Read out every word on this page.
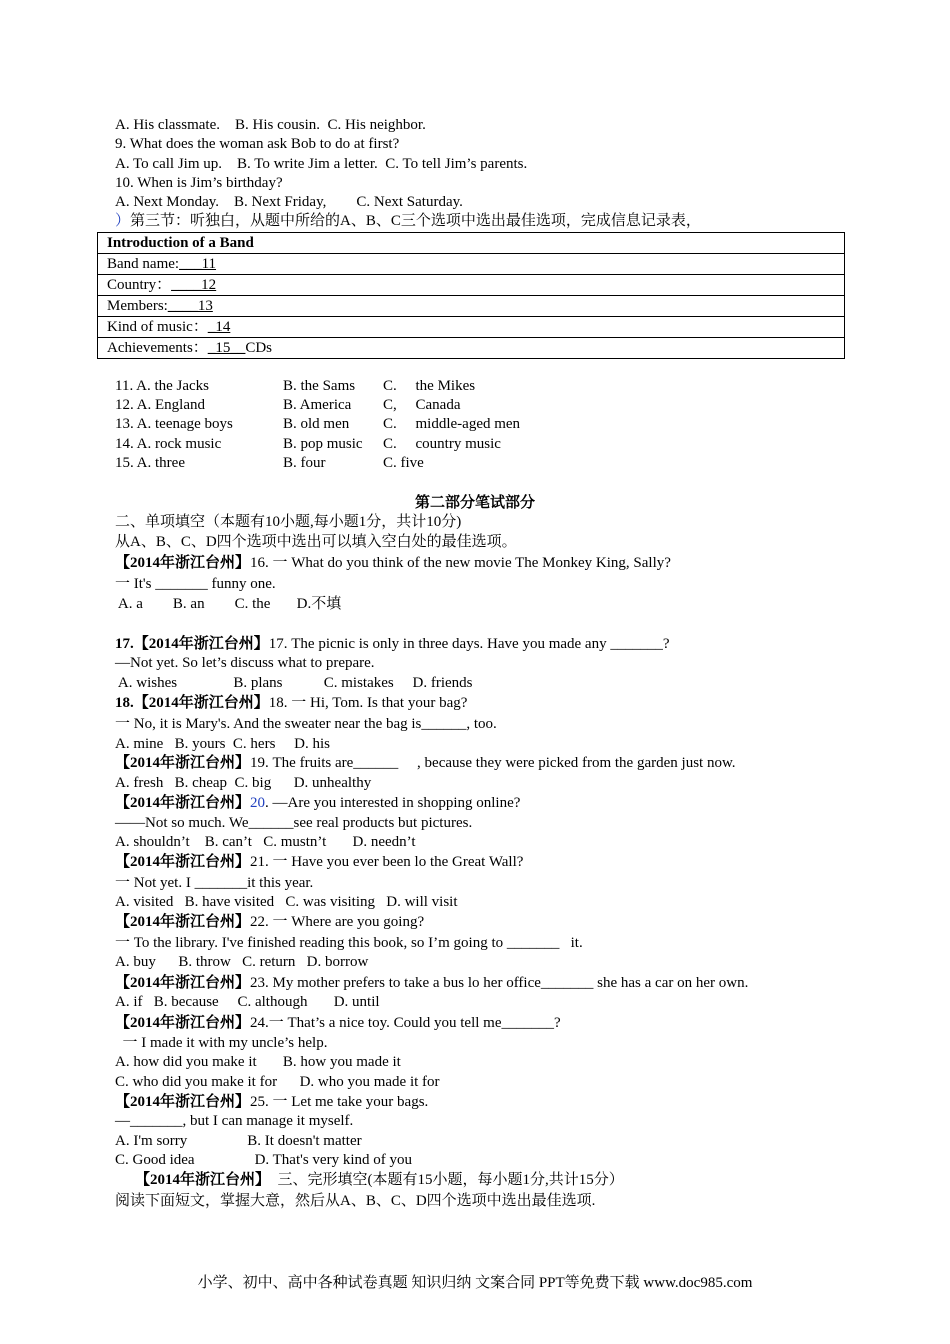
A. His classmate.    B. His cousin.  C. His neighbor.
9. What does the woman ask Bob to do at first?
A. To call Jim up.    B. To write Jim a letter.  C. To tell Jim’s parents.
10. When is Jim’s birthday?
A. Next Monday.    B. Next Friday,        C. Next Saturday.
）第三节：听独白，从题中所给的A、B、C三个选项中选出最佳选项，完成信息记录表，
Introduction of a Band
Band name:___11
Country：____12
Members:____13
Kind of music：_14
Achievements：_15__CDs
11. A. the Jacks	B. the Sams C.     the Mikes
12. A. England	B. America C,     Canada
13. A. teenage boys	B. old men C.     middle-aged men
14. A. rock music	B. pop music C.     country music
15. A. three	B. four	C. five
第二部分笔试部分
二、单项填空（本题有10小题,每小题1分，共计10分)
从A、B、C、D四个选项中选出可以填入空白处的最佳选项。
【2014年浙江台州】16. 一 What do you think of the new movie The Monkey King, Sally?
一 It's _______ funny one.
A. a        B. an        C. the       D.不填
17.【2014年浙江台州】17. The picnic is only in three days. Have you made any _______?
—Not yet. So let’s discuss what to prepare.
A. wishes               B. plans           C. mistakes     D. friends
18.【2014年浙江台州】18. 一 Hi, Tom. Is that your bag?
一 No, it is Mary's. And the sweater near the bag is______, too.
A. mine   B. yours  C. hers     D. his
【2014年浙江台州】19. The fruits are______     , because they were picked from the garden just now.
A. fresh   B. cheap  C. big      D. unhealthy
【2014年浙江台州】20. —Are you interested in shopping online?
——Not so much. We______see real products but pictures.
A. shouldn’t    B. can’t   C. mustn’t       D. needn’t
【2014年浙江台州】21. 一 Have you ever been lo the Great Wall?
一 Not yet. I _______it this year.
A. visited   B. have visited   C. was visiting   D. will visit
【2014年浙江台州】22. 一 Where are you going?
一 To the library. I've finished reading this book, so I’m going to _______   it.
A. buy      B. throw   C. return   D. borrow
【2014年浙江台州】23. My mother prefers to take a bus lo her office_______ she has a car on her own.
A. if   B. because     C. although       D. until
【2014年浙江台州】24.一 That’s a nice toy. Could you tell me_______?
一 I made it with my uncle’s help.
A. how did you make it       B. how you made it
C. who did you make it for      D. who you made it for
【2014年浙江台州】25. 一 Let me take your bags.
—_______, but I can manage it myself.
A. I'm sorry                B. It doesn't matter
C. Good idea                D. That's very kind of you
【2014年浙江台州】  三、完形填空(本题有15小题，每小题1分,共计15分）
阅读下面短文，掌握大意，然后从A、B、C、D四个选项中选出最佳选项.
小学、初中、高中各种试卷真题 知识归纳 文案合同 PPT等免费下载 www.doc985.com
